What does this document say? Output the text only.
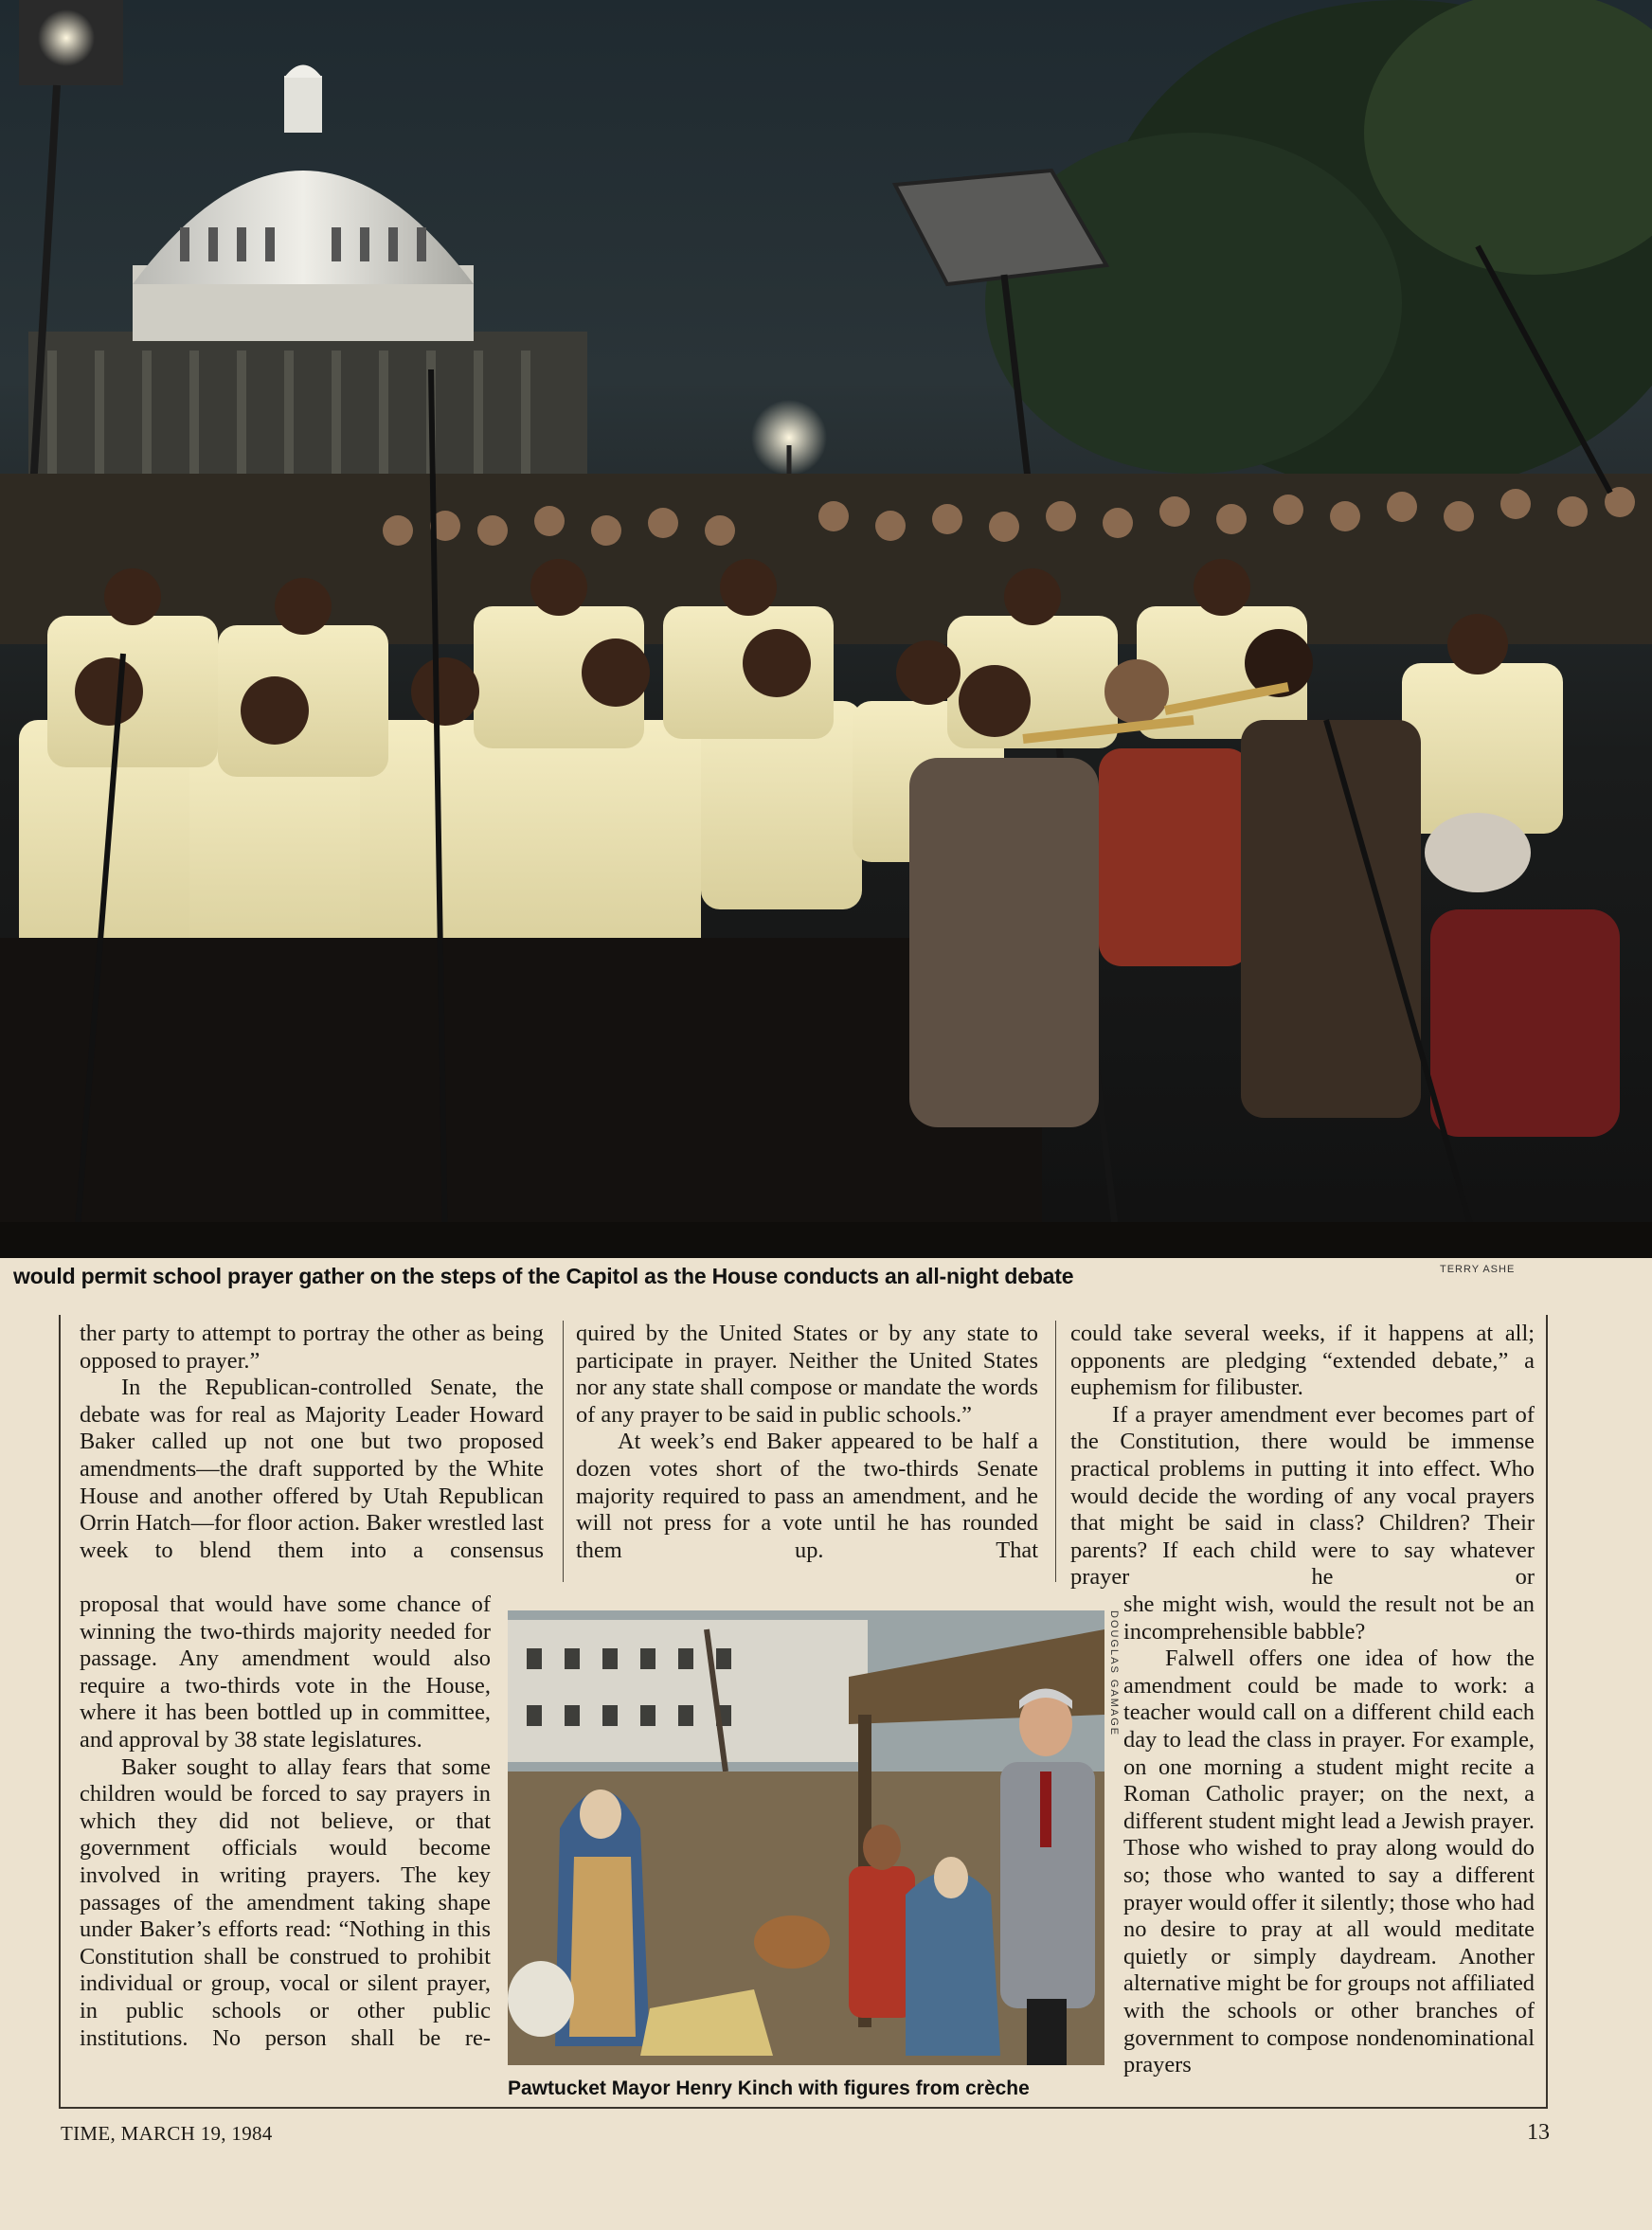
would permit school prayer gather on the steps of the Capitol as the House conducts an all-night debate	TERRY ASHE

ther party to attempt to portray the other as being opposed to prayer.”

In the Republican-controlled Senate, the debate was for real as Majority Leader Howard Baker called up not one but two proposed amendments—the draft supported by the White House and another offered by Utah Republican Orrin Hatch—for floor action. Baker wrestled last week to blend them into a consensus

proposal that would have some chance of winning the two-thirds majority needed for passage. Any amendment would also require a two-thirds vote in the House, where it has been bottled up in committee, and approval by 38 state legislatures.

Baker sought to allay fears that some children would be forced to say prayers in which they did not believe, or that government officials would become involved in writing prayers. The key passages of the amendment taking shape under Baker’s efforts read: “Nothing in this Constitution shall be construed to prohibit individual or group, vocal or silent prayer, in public schools or other public institutions. No person shall be re-

quired by the United States or by any state to participate in prayer. Neither the United States nor any state shall compose or mandate the words of any prayer to be said in public schools.”

At week’s end Baker appeared to be half a dozen votes short of the two-thirds Senate majority required to pass an amendment, and he will not press for a vote until he has rounded them up. That

could take several weeks, if it happens at all; opponents are pledging “extended debate,” a euphemism for filibuster.

If a prayer amendment ever becomes part of the Constitution, there would be immense practical problems in putting it into effect. Who would decide the wording of any vocal prayers that might be said in class? Children? Their parents? If each child were to say whatever prayer he or

she might wish, would the result not be an incomprehensible babble?

Falwell offers one idea of how the amendment could be made to work: a teacher would call on a different child each day to lead the class in prayer. For example, on one morning a student might recite a Roman Catholic prayer; on the next, a different student might lead a Jewish prayer. Those who wished to pray along would do so; those who wanted to say a different prayer would offer it silently; those who had no desire to pray at all would meditate quietly or simply daydream. Another alternative might be for groups not affiliated with the schools or other branches of government to compose nondenominational prayers

DOUGLAS GAMAGE
Pawtucket Mayor Henry Kinch with figures from crèche
TIME, MARCH 19, 1984	13
